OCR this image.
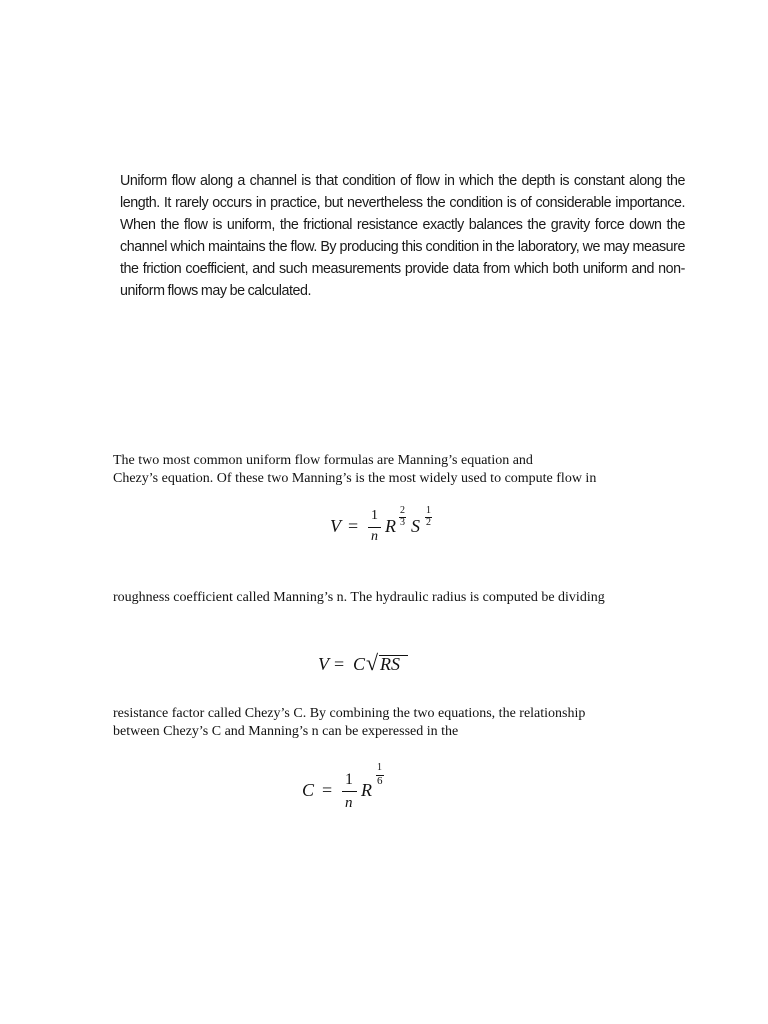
Uniform flow along a channel is that condition of flow in which the depth is constant along the length. It rarely occurs in practice, but nevertheless the condition is of considerable importance. When the flow is uniform, the frictional resistance exactly balances the gravity force down the channel which maintains the flow. By producing this condition in the laboratory, we may measure the friction coefficient, and such measurements provide data from which both uniform and non-uniform flows may be calculated.

The two most common uniform flow formulas are Manning’s equation and

Chezy’s equation. Of these two Manning’s is the most widely used to compute flow in

V =
1
n
R
2
3 S
1
2

roughness coefficient called Manning’s n. The hydraulic radius is computed be dividing

V = C √ RS

resistance factor called Chezy’s C. By combining the two equations, the relationship

between Chezy’s C and Manning’s n can be experessed in the

C =
1
n
R
1
6
